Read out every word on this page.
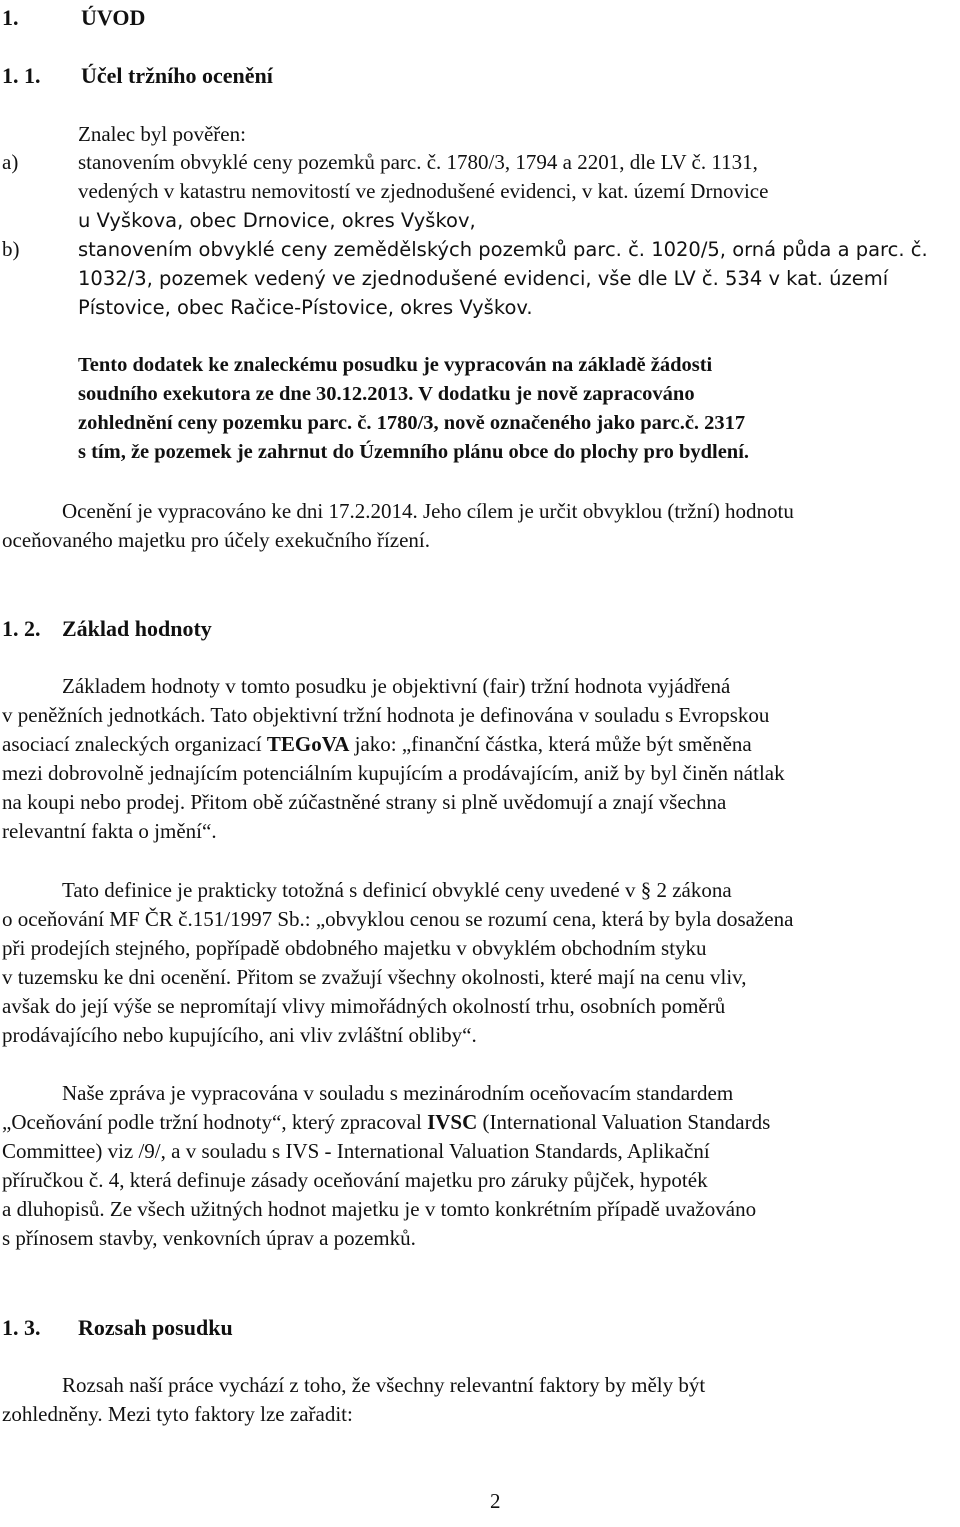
1.	ÚVOD
1. 1. Účel tržního ocenění
Znalec byl pověřen:
a)	stanovením obvyklé ceny pozemků parc. č. 1780/3, 1794 a 2201, dle LV č. 1131,
vedených v katastru nemovitostí ve zjednodušené evidenci, v kat. území Drnovice
u Vyškova, obec Drnovice, okres Vyškov,
b)	stanovením obvyklé ceny zemědělských pozemků parc. č. 1020/5, orná půda a parc. č.
1032/3, pozemek vedený ve zjednodušené evidenci, vše dle LV č. 534 v kat. území
Pístovice, obec Račice-Pístovice, okres Vyškov.
Tento dodatek ke znaleckému posudku je vypracován na základě žádosti
soudního exekutora ze dne 30.12.2013. V dodatku je nově zapracováno
zohlednění ceny pozemku parc. č. 1780/3, nově označeného jako parc.č. 2317
s tím, že pozemek je zahrnut do Územního plánu obce do plochy pro bydlení.
Ocenění je vypracováno ke dni 17.2.2014. Jeho cílem je určit obvyklou (tržní) hodnotu
oceňovaného majetku pro účely exekučního řízení.
1. 2. Základ hodnoty
Základem hodnoty v tomto posudku je objektivní (fair) tržní hodnota vyjádřená
v peněžních jednotkách. Tato objektivní tržní hodnota je definována v souladu s Evropskou
asociací znaleckých organizací TEGoVA jako: „finanční částka, která může být směněna
mezi dobrovolně jednajícím potenciálním kupujícím a prodávajícím, aniž by byl činěn nátlak
na koupi nebo prodej. Přitom obě zúčastněné strany si plně uvědomují a znají všechna
relevantní fakta o jmění“.
Tato definice je prakticky totožná s definicí obvyklé ceny uvedené v § 2 zákona
o oceňování MF ČR č.151/1997 Sb.: „obvyklou cenou se rozumí cena, která by byla dosažena
při prodejích stejného, popřípadě obdobného majetku v obvyklém obchodním styku
v tuzemsku ke dni ocenění. Přitom se zvažují všechny okolnosti, které mají na cenu vliv,
avšak do její výše se nepromítají vlivy mimořádných okolností trhu, osobních poměrů
prodávajícího nebo kupujícího, ani vliv zvláštní obliby“.
Naše zpráva je vypracována v souladu s mezinárodním oceňovacím standardem
„Oceňování podle tržní hodnoty“, který zpracoval IVSC (International Valuation Standards
Committee) viz /9/, a v souladu s IVS - International Valuation Standards, Aplikační
příručkou č. 4, která definuje zásady oceňování majetku pro záruky půjček, hypoték
a dluhopisů. Ze všech užitných hodnot majetku je v tomto konkrétním případě uvažováno
s přínosem stavby, venkovních úprav a pozemků.
1. 3. Rozsah posudku
Rozsah naší práce vychází z toho, že všechny relevantní faktory by měly být
zohledněny. Mezi tyto faktory lze zařadit:
2
